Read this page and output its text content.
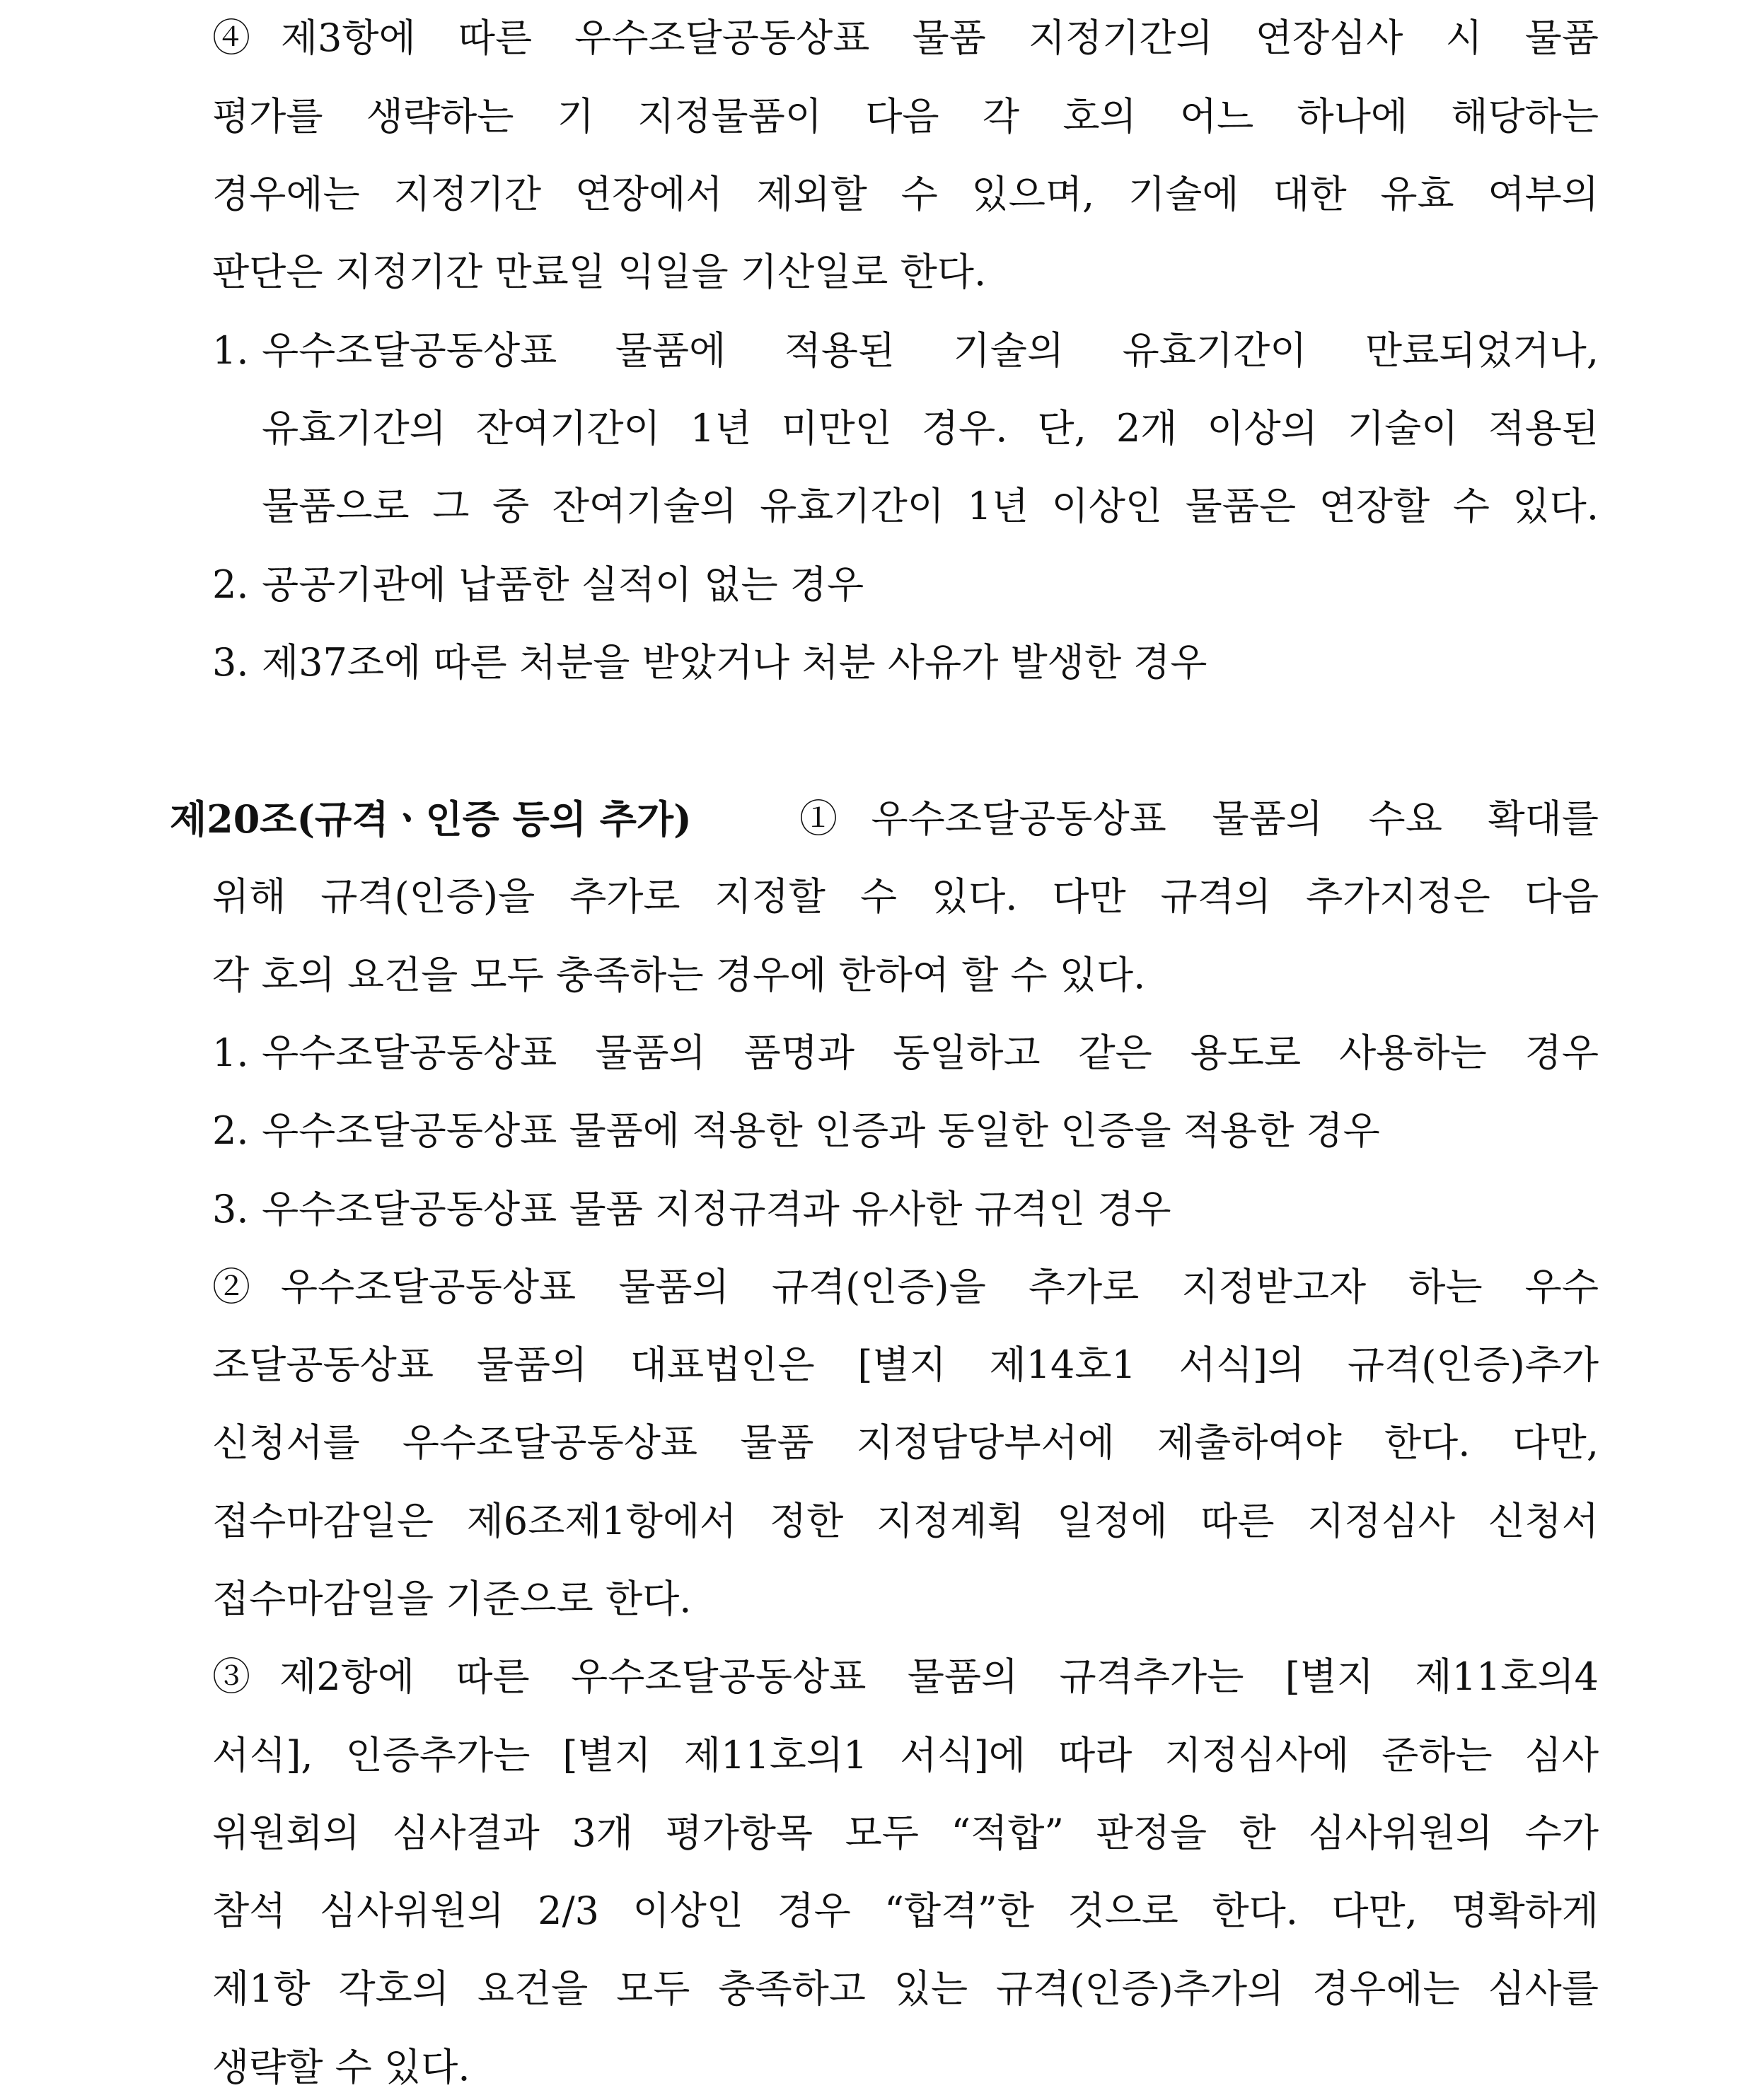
④제3항에 따른 우수조달공동상표 물품 지정기간의 연장심사 시 물품
평가를 생략하는 기 지정물품이 다음 각 호의 어느 하나에 해당하는
경우에는 지정기간 연장에서 제외할 수 있으며, 기술에 대한 유효 여부의
판단은 지정기간 만료일 익일을 기산일로 한다.
1. 우수조달공동상표 물품에 적용된 기술의 유효기간이 만료되었거나,
유효기간의 잔여기간이 1년 미만인 경우. 단, 2개 이상의 기술이 적용된
물품으로 그 중 잔여기술의 유효기간이 1년 이상인 물품은 연장할 수 있다.
2. 공공기관에 납품한 실적이 없는 경우
3. 제37조에 따른 처분을 받았거나 처분 사유가 발생한 경우
제20조(규격ㆍ인증 등의 추가)	①우수조달공동상표 물품의 수요 확대를
위해 규격(인증)을 추가로 지정할 수 있다. 다만 규격의 추가지정은 다음
각 호의 요건을 모두 충족하는 경우에 한하여 할 수 있다.
1. 우수조달공동상표 물품의 품명과 동일하고 같은 용도로 사용하는 경우
2. 우수조달공동상표 물품에 적용한 인증과 동일한 인증을 적용한 경우
3. 우수조달공동상표 물품 지정규격과 유사한 규격인 경우
②우수조달공동상표 물품의 규격(인증)을 추가로 지정받고자 하는 우수
조달공동상표 물품의 대표법인은 [별지 제14호1 서식]의 규격(인증)추가
신청서를 우수조달공동상표 물품 지정담당부서에 제출하여야 한다. 다만,
접수마감일은 제6조제1항에서 정한 지정계획 일정에 따른 지정심사 신청서
접수마감일을 기준으로 한다.
③제2항에 따른 우수조달공동상표 물품의 규격추가는 [별지 제11호의4
서식], 인증추가는 [별지 제11호의1 서식]에 따라 지정심사에 준하는 심사
위원회의 심사결과 3개 평가항목 모두 “적합” 판정을 한 심사위원의 수가
참석 심사위원의 2/3 이상인 경우 “합격”한 것으로 한다. 다만, 명확하게
제1항 각호의 요건을 모두 충족하고 있는 규격(인증)추가의 경우에는 심사를
생략할 수 있다.
